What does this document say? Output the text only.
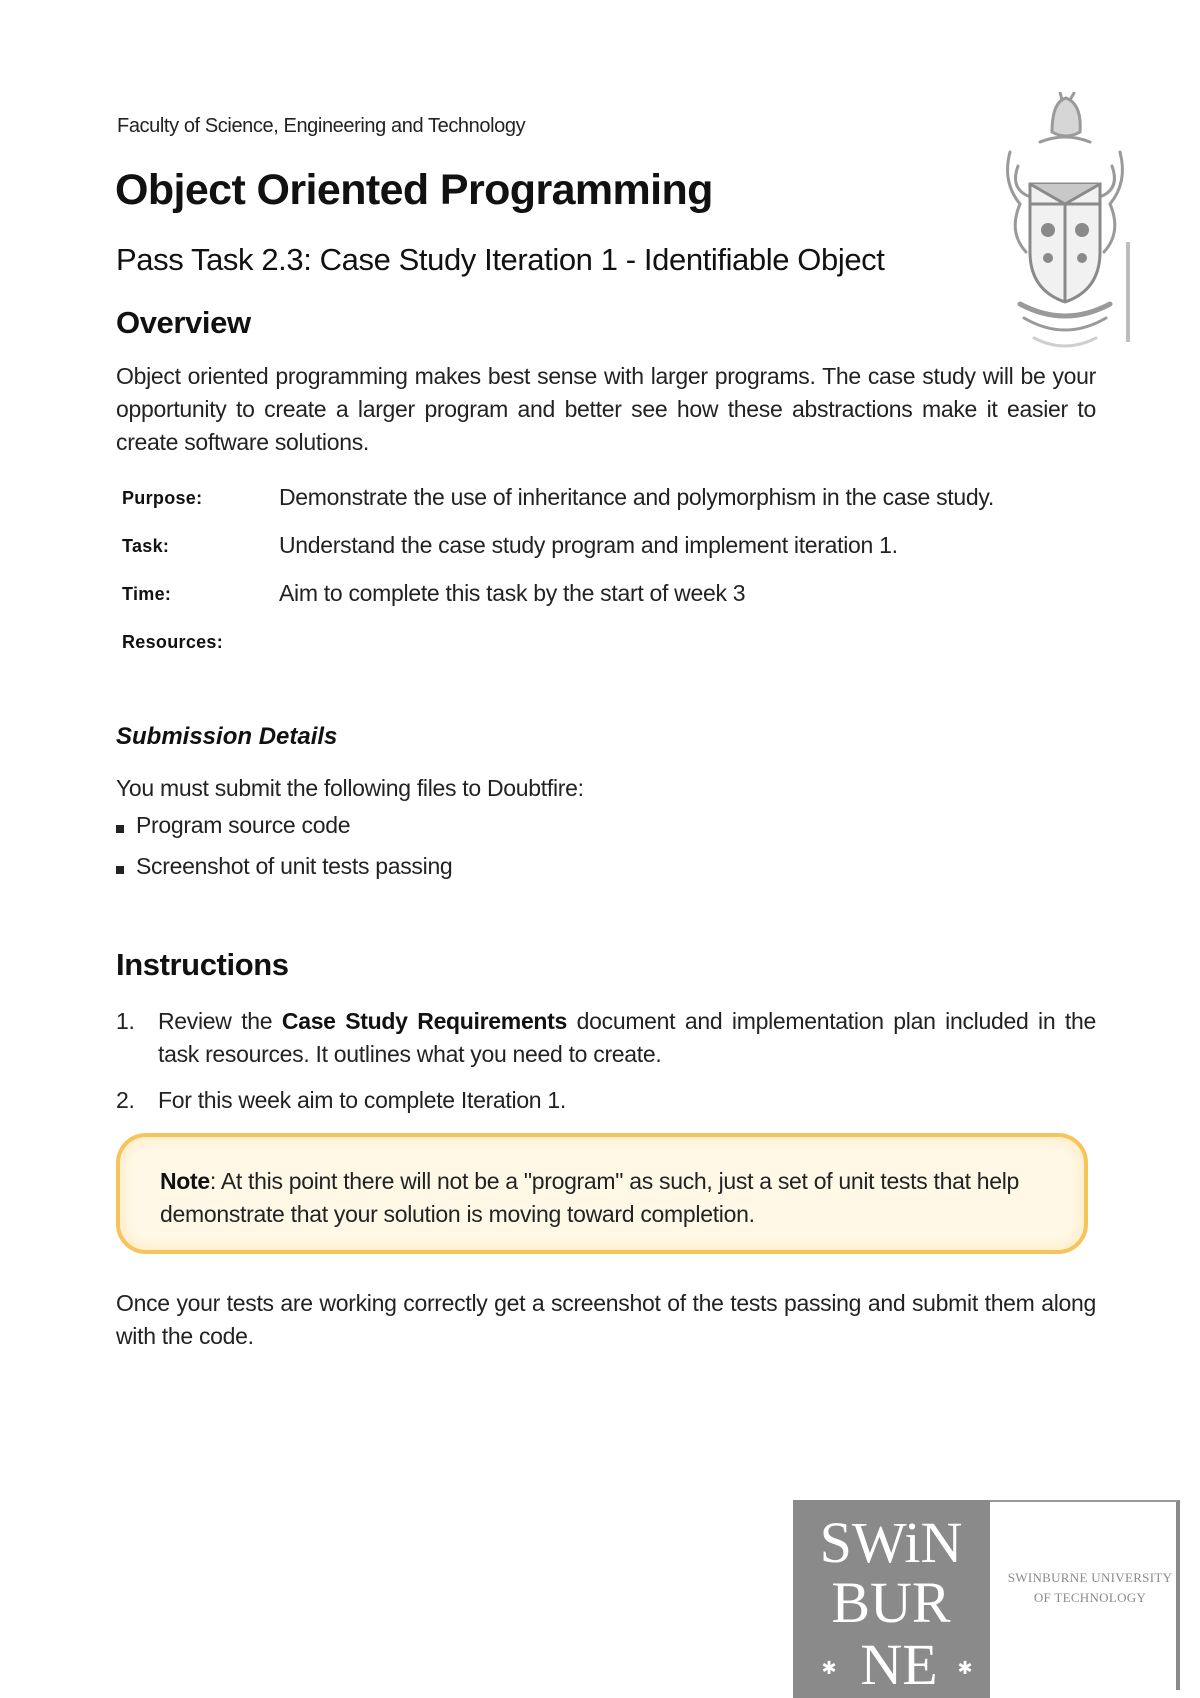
Faculty of Science, Engineering and Technology
Object Oriented Programming
Pass Task 2.3: Case Study Iteration 1 - Identifiable Object
Overview

Object oriented programming makes best sense with larger programs. The case study will be your opportunity to create a larger program and better see how these abstractions make it easier to create software solutions.

Purpose:	Demonstrate the use of inheritance and polymorphism in the case study.
Task:	Understand the case study program and implement iteration 1.
Time:	Aim to complete this task by the start of week 3
Resources:
Submission Details

You must submit the following files to Doubtfire:

Program source code
Screenshot of unit tests passing
Instructions
1. Review the Case Study Requirements document and implementation plan included in the task resources. It outlines what you need to create.
2. For this week aim to complete Iteration 1.
Note: At this point there will not be a "program" as such, just a set of unit tests that help demonstrate that your solution is moving toward completion.

Once your tests are working correctly get a screenshot of the tests passing and submit them along with the code.

SWiN
BUR
NE
✱	✱
SWINBURNE UNIVERSITY
OF TECHNOLOGY
